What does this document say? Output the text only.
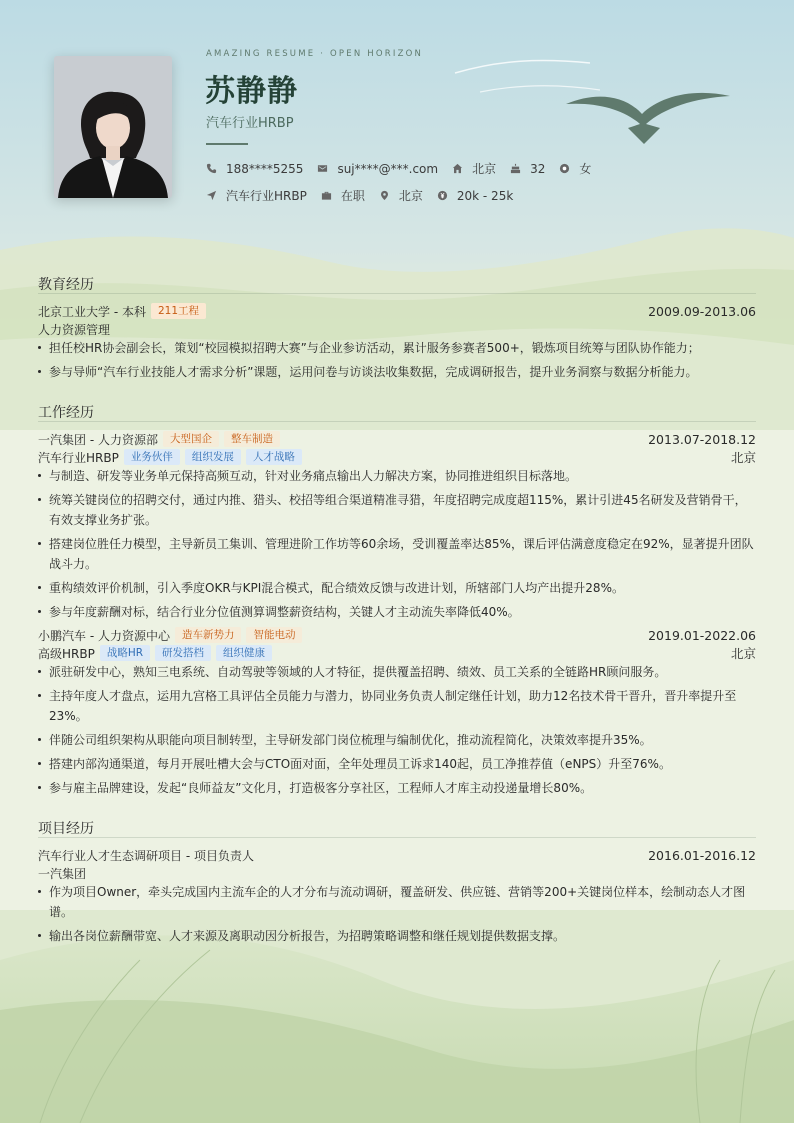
AMAZING RESUME · OPEN HORIZON
苏静静
汽车行业HRBP
188****5255	suj****@***.com	北京	32	女
汽车行业HRBP	在职	北京	20k - 25k
教育经历
北京工业大学 - 本科	211工程	2009.09-2013.06
人力资源管理
担任校HR协会副会长，策划“校园模拟招聘大赛”与企业参访活动，累计服务参赛者500+，锻炼项目统筹与团队协作能力；
参与导师“汽车行业技能人才需求分析”课题，运用问卷与访谈法收集数据，完成调研报告，提升业务洞察与数据分析能力。
工作经历
一汽集团 - 人力资源部	大型国企	整车制造	2013.07-2018.12
汽车行业HRBP	业务伙伴	组织发展	人才战略	北京
与制造、研发等业务单元保持高频互动，针对业务痛点输出人力解决方案，协同推进组织目标落地。
统筹关键岗位的招聘交付，通过内推、猎头、校招等组合渠道精准寻猎，年度招聘完成度超115%，累计引进45名研发及营销骨干，有效支撑业务扩张。
搭建岗位胜任力模型，主导新员工集训、管理进阶工作坊等60余场，受训覆盖率达85%，课后评估满意度稳定在92%，显著提升团队战斗力。
重构绩效评价机制，引入季度OKR与KPI混合模式，配合绩效反馈与改进计划，所辖部门人均产出提升28%。
参与年度薪酬对标，结合行业分位值测算调整薪资结构，关键人才主动流失率降低40%。
小鹏汽车 - 人力资源中心	造车新势力	智能电动	2019.01-2022.06
高级HRBP	战略HR	研发搭档	组织健康	北京
派驻研发中心，熟知三电系统、自动驾驶等领域的人才特征，提供覆盖招聘、绩效、员工关系的全链路HR顾问服务。
主持年度人才盘点，运用九宫格工具评估全员能力与潜力，协同业务负责人制定继任计划，助力12名技术骨干晋升，晋升率提升至23%。
伴随公司组织架构从职能向项目制转型，主导研发部门岗位梳理与编制优化，推动流程简化，决策效率提升35%。
搭建内部沟通渠道，每月开展吐槽大会与CTO面对面，全年处理员工诉求140起，员工净推荐值（eNPS）升至76%。
参与雇主品牌建设，发起“良师益友”文化月，打造极客分享社区，工程师人才库主动投递量增长80%。
项目经历
汽车行业人才生态调研项目 - 项目负责人	2016.01-2016.12
一汽集团
作为项目Owner，牵头完成国内主流车企的人才分布与流动调研，覆盖研发、供应链、营销等200+关键岗位样本，绘制动态人才图谱。
输出各岗位薪酬带宽、人才来源及离职动因分析报告，为招聘策略调整和继任规划提供数据支撑。
